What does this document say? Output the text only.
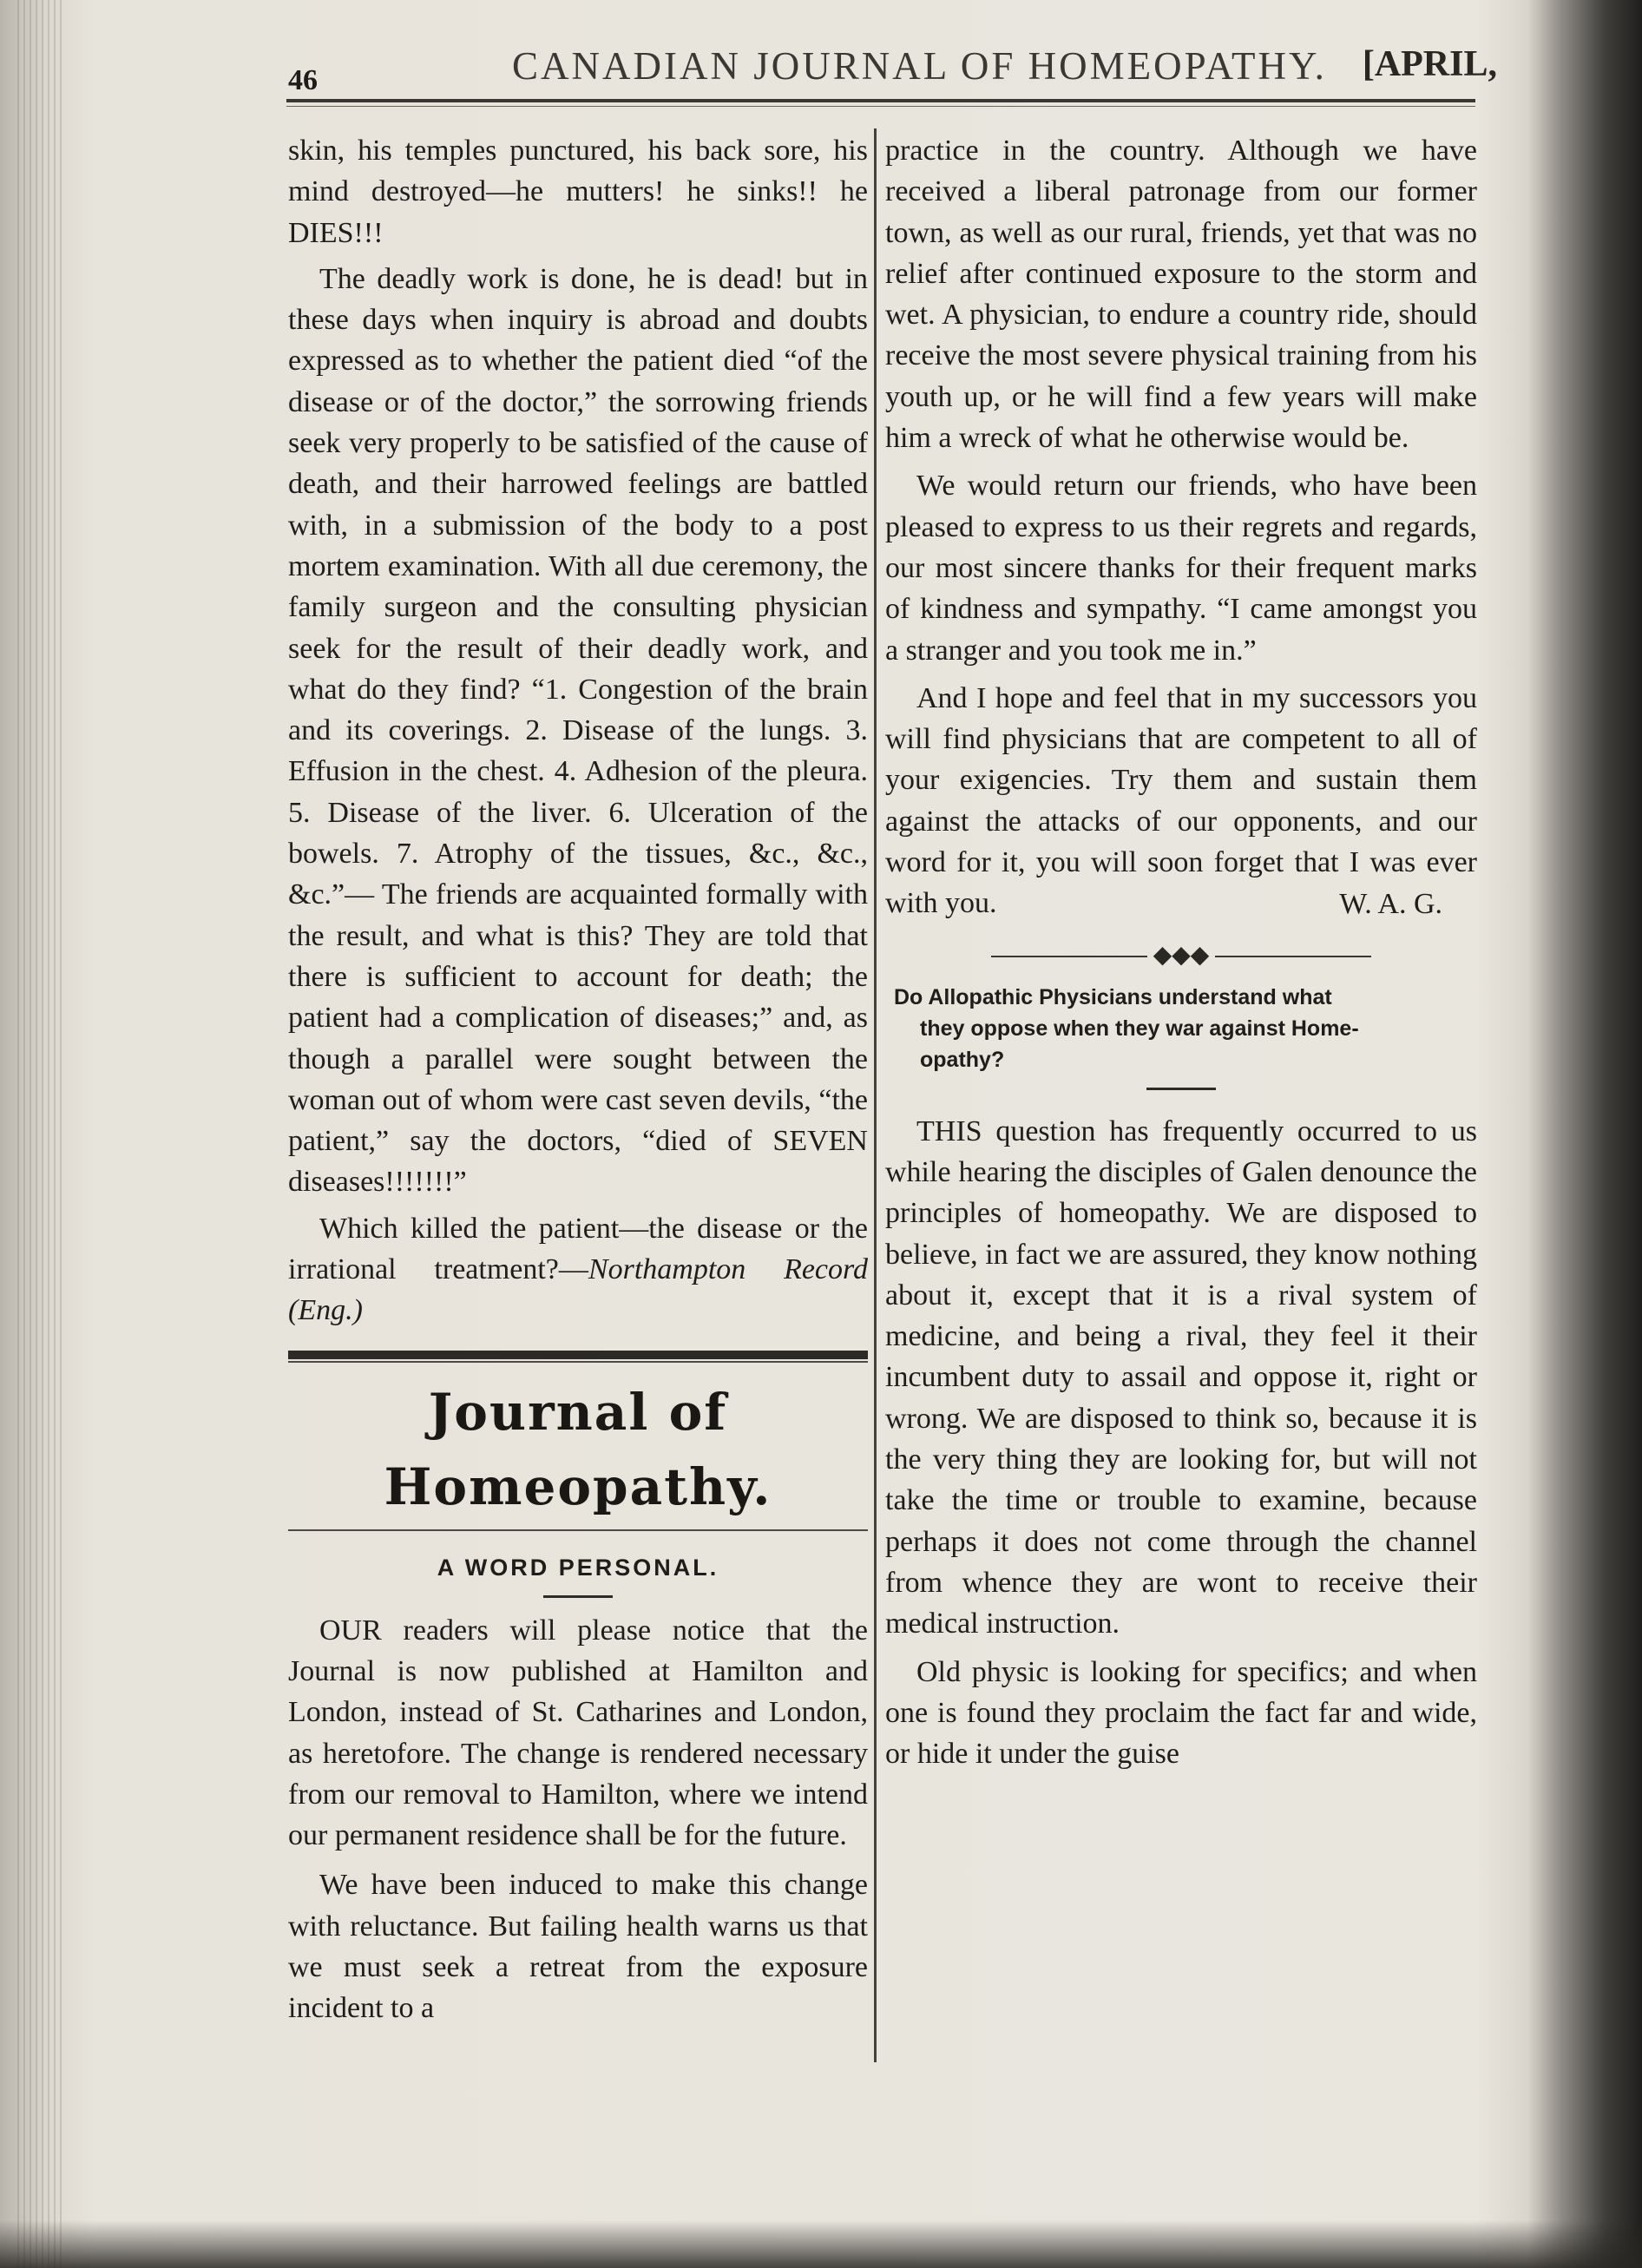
46	CANADIAN JOURNAL OF HOMEOPATHY. [APRIL,

skin, his temples punctured, his back sore, his mind destroyed—he mutters! he sinks!! he DIES!!!

The deadly work is done, he is dead! but in these days when inquiry is abroad and doubts expressed as to whether the patient died “of the disease or of the doctor,” the sorrowing friends seek very properly to be satisfied of the cause of death, and their harrowed feelings are battled with, in a submission of the body to a post mortem examination. With all due ceremony, the family surgeon and the consulting physician seek for the result of their deadly work, and what do they find? “1. Congestion of the brain and its coverings. 2. Disease of the lungs. 3. Effusion in the chest. 4. Adhesion of the pleura. 5. Disease of the liver. 6. Ulceration of the bowels. 7. Atrophy of the tissues, &c., &c., &c.”— The friends are acquainted formally with the result, and what is this? They are told that there is sufficient to account for death; the patient had a complication of diseases;” and, as though a parallel were sought between the woman out of whom were cast seven devils, “the patient,” say the doctors, “died of SEVEN diseases!!!!!!!”

Which killed the patient—the disease or the irrational treatment?—Northampton Record (Eng.)

Journal of Homeopathy.
A WORD PERSONAL.

OUR readers will please notice that the Journal is now published at Hamilton and London, instead of St. Catharines and London, as heretofore. The change is rendered necessary from our removal to Hamilton, where we intend our permanent residence shall be for the future.

We have been induced to make this change with reluctance. But failing health warns us that we must seek a retreat from the exposure incident to a

practice in the country. Although we have received a liberal patronage from our former town, as well as our rural, friends, yet that was no relief after continued exposure to the storm and wet. A physician, to endure a country ride, should receive the most severe physical training from his youth up, or he will find a few years will make him a wreck of what he otherwise would be.

We would return our friends, who have been pleased to express to us their regrets and regards, our most sincere thanks for their frequent marks of kindness and sympathy. “I came amongst you a stranger and you took me in.”

And I hope and feel that in my successors you will find physicians that are competent to all of your exigencies. Try them and sustain them against the attacks of our opponents, and our word for it, you will soon forget that I was ever with you.	W. A. G.
◆◆◆
Do Allopathic Physicians understand what
they oppose when they war against Home-
opathy?

THIS question has frequently occurred to us while hearing the disciples of Galen denounce the principles of homeopathy. We are disposed to believe, in fact we are assured, they know nothing about it, except that it is a rival system of medicine, and being a rival, they feel it their incumbent duty to assail and oppose it, right or wrong. We are disposed to think so, because it is the very thing they are looking for, but will not take the time or trouble to examine, because perhaps it does not come through the channel from whence they are wont to receive their medical instruction.

Old physic is looking for specifics; and when one is found they proclaim the fact far and wide, or hide it under the guise
